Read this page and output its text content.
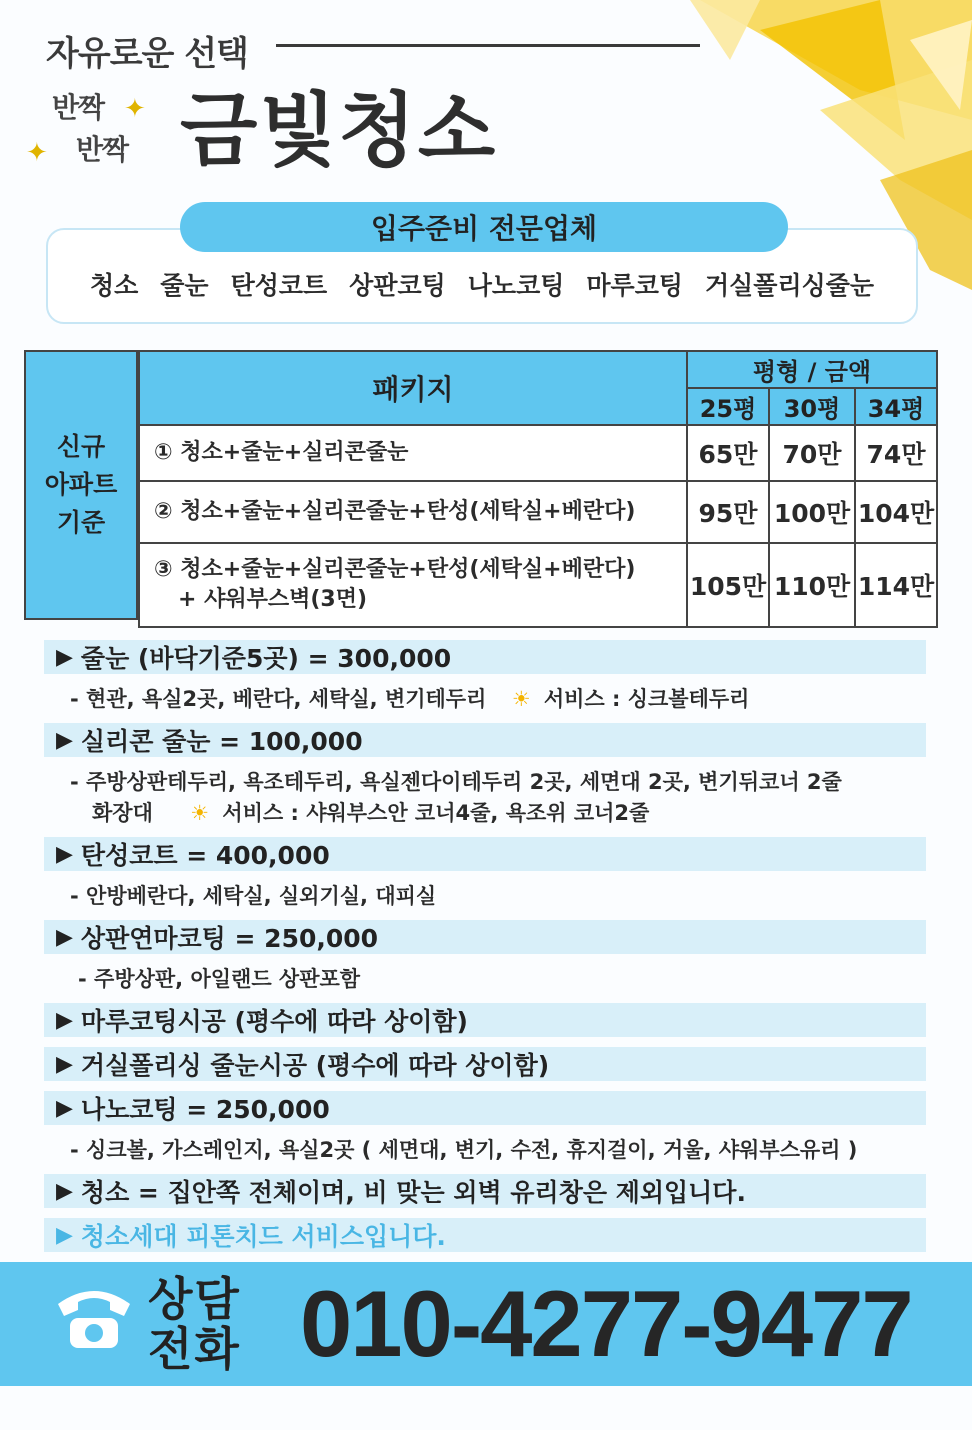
자유로운 선택
반짝 ✦
✦ 반짝 금빛청소
입주준비 전문업체
청소 줄눈 탄성코트 상판코팅 나노코팅 마루코팅 거실폴리싱줄눈
신규
아파트
기준
패키지	평형 / 금액		
	25평	30평	34평
① 청소+줄눈+실리콘줄눈	65만	70만	74만
② 청소+줄눈+실리콘줄눈+탄성(세탁실+베란다)	95만	100만	104만

③ 청소+줄눈+실리콘줄눈+탄성(세탁실+베란다)
+ 샤워부스벽(3면)	105만	110만	114만
▶ 줄눈 (바닥기준5곳) = 300,000
- 현관, 욕실2곳, 베란다, 세탁실, 변기테두리 ☀ 서비스 : 싱크볼테두리
▶ 실리콘 줄눈 = 100,000
- 주방상판테두리, 욕조테두리, 욕실젠다이테두리 2곳, 세면대 2곳, 변기뒤코너 2줄
화장대 ☀ 서비스 : 샤워부스안 코너4줄, 욕조위 코너2줄
▶ 탄성코트 = 400,000
- 안방베란다, 세탁실, 실외기실, 대피실
▶ 상판연마코팅 = 250,000
- 주방상판, 아일랜드 상판포함
▶ 마루코팅시공 (평수에 따라 상이함)
▶ 거실폴리싱 줄눈시공 (평수에 따라 상이함)
▶ 나노코팅 = 250,000
- 싱크볼, 가스레인지, 욕실2곳 ( 세면대, 변기, 수전, 휴지걸이, 거울, 샤워부스유리 )
▶ 청소 = 집안쪽 전체이며, 비 맞는 외벽 유리창은 제외입니다.
▶ 청소세대 피톤치드 서비스입니다.
상담
전화 010-4277-9477
